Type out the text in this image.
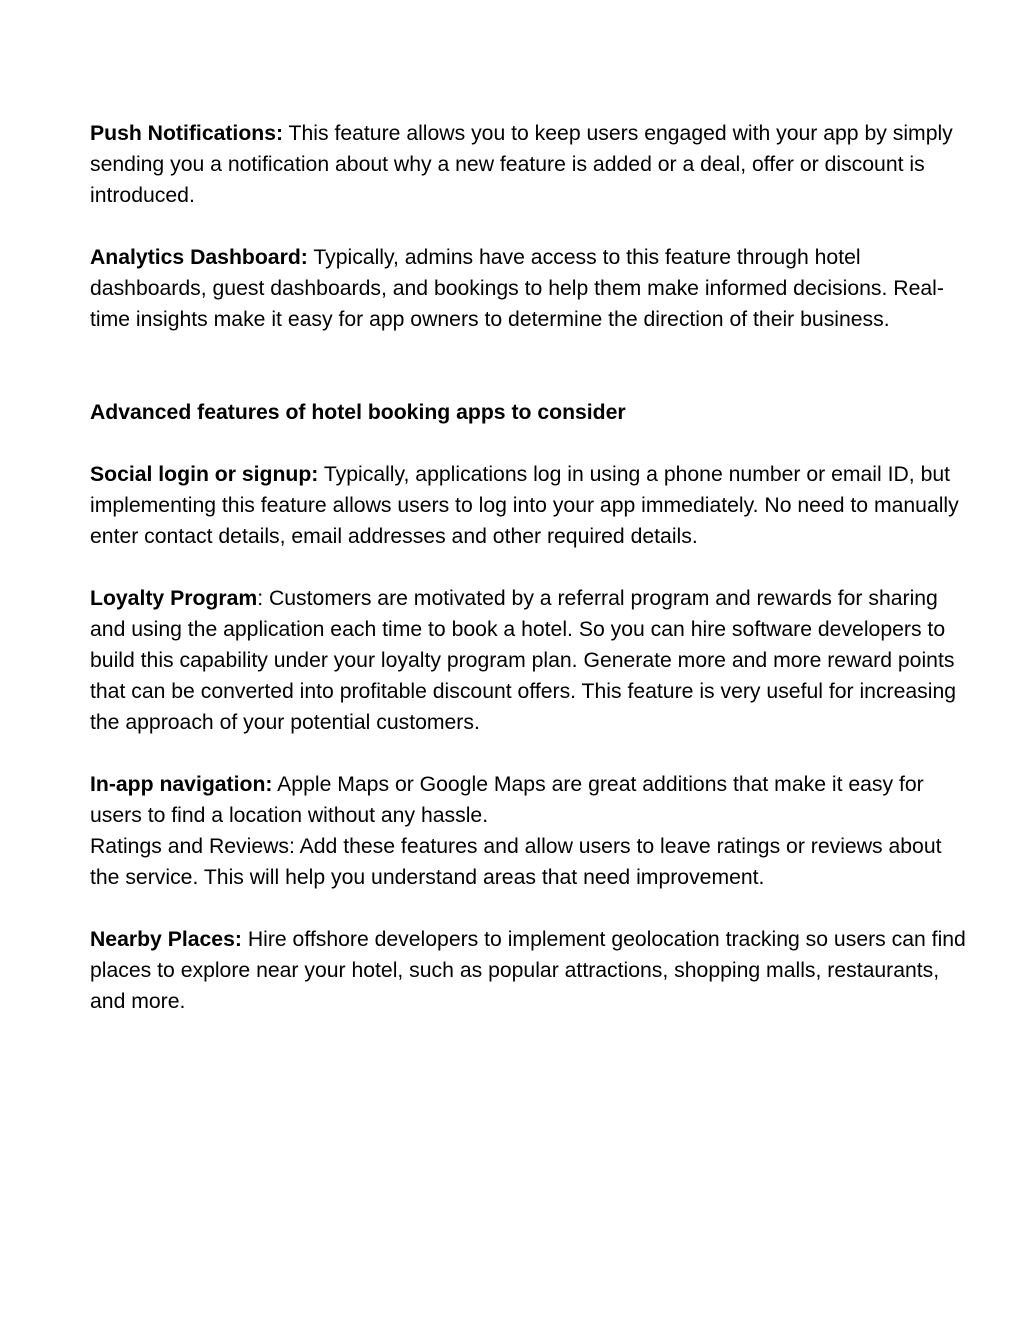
Push Notifications: This feature allows you to keep users engaged with your app by simply sending you a notification about why a new feature is added or a deal, offer or discount is introduced.

Analytics Dashboard: Typically, admins have access to this feature through hotel dashboards, guest dashboards, and bookings to help them make informed decisions. Real-time insights make it easy for app owners to determine the direction of their business.

Advanced features of hotel booking apps to consider

Social login or signup: Typically, applications log in using a phone number or email ID, but implementing this feature allows users to log into your app immediately. No need to manually enter contact details, email addresses and other required details.

Loyalty Program: Customers are motivated by a referral program and rewards for sharing and using the application each time to book a hotel. So you can hire software developers to build this capability under your loyalty program plan. Generate more and more reward points that can be converted into profitable discount offers. This feature is very useful for increasing the approach of your potential customers.

In-app navigation: Apple Maps or Google Maps are great additions that make it easy for users to find a location without any hassle.

Ratings and Reviews: Add these features and allow users to leave ratings or reviews about the service. This will help you understand areas that need improvement.

Nearby Places: Hire offshore developers to implement geolocation tracking so users can find places to explore near your hotel, such as popular attractions, shopping malls, restaurants, and more.
